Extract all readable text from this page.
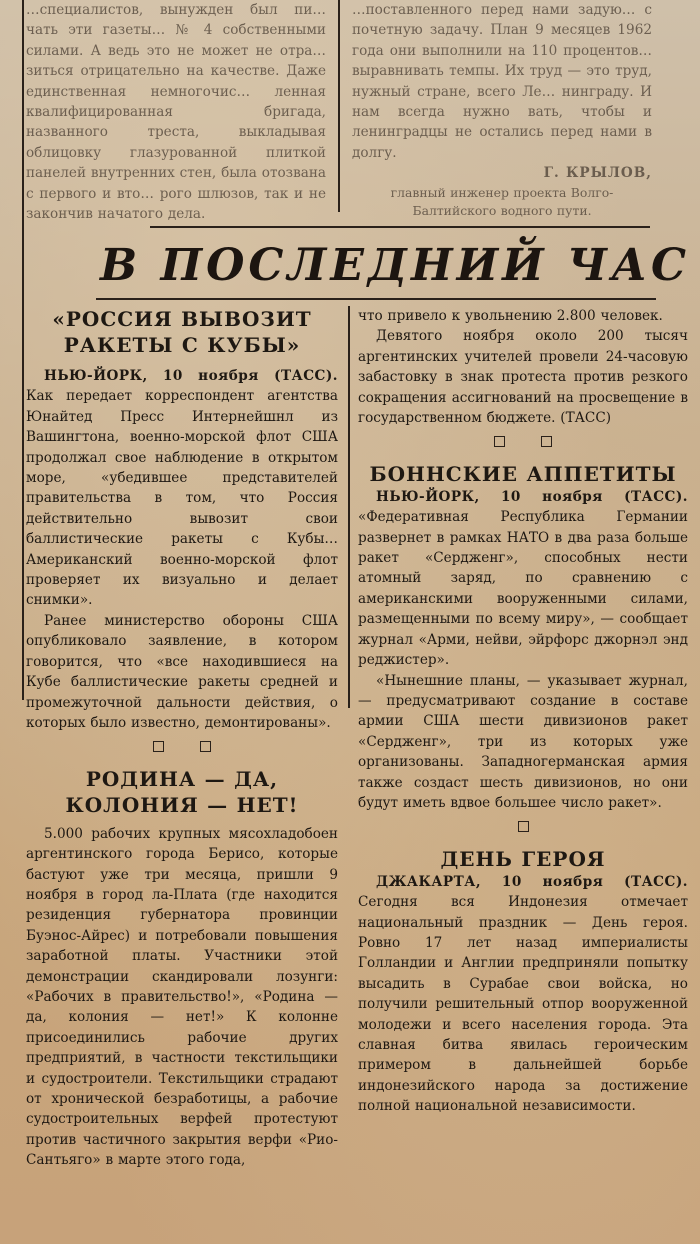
…специалистов, вынужден был пи… чать эти газеты… № 4 собственными силами. А ведь это не может не отра… зиться отрицательно на качестве. Даже единственная немногочис… ленная квалифицированная бригада, названного треста, выкладывая облицовку глазурованной плиткой панелей внутренних стен, была отозвана с первого и вто… рого шлюзов, так и не закончив начатого дела.

…поставленного перед нами задую… с почетную задачу. План 9 месяцев 1962 года они выполнили на 110 процентов… выравнивать темпы. Их труд — это труд, нужный стране, всего Ле… нинграду. И нам всегда нужно вать, чтобы и ленинградцы не остались перед нами в долгу.

Г. КРЫЛОВ,
главный инженер проекта Волго-Балтийского водного пути.
В ПОСЛЕДНИЙ ЧАС
«РОССИЯ ВЫВОЗИТ
РАКЕТЫ С КУБЫ»

НЬЮ-ЙОРК, 10 ноября (ТАСС). Как передает корреспондент агентства Юнайтед Пресс Интернейшнл из Вашингтона, военно-морской флот США продолжал свое наблюдение в открытом море, «убедившее представителей правительства в том, что Россия действительно вывозит свои баллистические ракеты с Кубы… Американский военно-морской флот проверяет их визуально и делает снимки».

Ранее министерство обороны США опубликовало заявление, в котором говорится, что «все находившиеся на Кубе баллистические ракеты средней и промежуточной дальности действия, о которых было известно, демонтированы».

РОДИНА — ДА,
КОЛОНИЯ — НЕТ!

5.000 рабочих крупных мясохладобоен аргентинского города Берисо, которые бастуют уже три месяца, пришли 9 ноября в город ла-Плата (где находится резиденция губернатора провинции Буэнос-Айрес) и потребовали повышения заработной платы. Участники этой демонстрации скандировали лозунги: «Рабочих в правительство!», «Родина — да, колония — нет!» К колонне присоединились рабочие других предприятий, в частности текстильщики и судостроители. Текстильщики страдают от хронической безработицы, а рабочие судостроительных верфей протестуют против частичного закрытия верфи «Рио-Сантьяго» в марте этого года,

что привело к увольнению 2.800 человек.

Девятого ноября около 200 тысяч аргентинских учителей провели 24-часовую забастовку в знак протеста против резкого сокращения ассигнований на просвещение в государственном бюджете. (ТАСС)

БОННСКИЕ АППЕТИТЫ

НЬЮ-ЙОРК, 10 ноября (ТАСС). «Федеративная Республика Германии развернет в рамках НАТО в два раза больше ракет «Сердженг», способных нести атомный заряд, по сравнению с американскими вооруженными силами, размещенными по всему миру», — сообщает журнал «Арми, нейви, эйрфорс джорнэл энд реджистер».

«Нынешние планы, — указывает журнал, — предусматривают создание в составе армии США шести дивизионов ракет «Сердженг», три из которых уже организованы. Западногерманская армия также создаст шесть дивизионов, но они будут иметь вдвое большее число ракет».

ДЕНЬ ГЕРОЯ

ДЖАКАРТА, 10 ноября (ТАСС). Сегодня вся Индонезия отмечает национальный праздник — День героя. Ровно 17 лет назад империалисты Голландии и Англии предприняли попытку высадить в Сурабае свои войска, но получили решительный отпор вооруженной молодежи и всего населения города. Эта славная битва явилась героическим примером в дальнейшей борьбе индонезийского народа за достижение полной национальной независимости.
